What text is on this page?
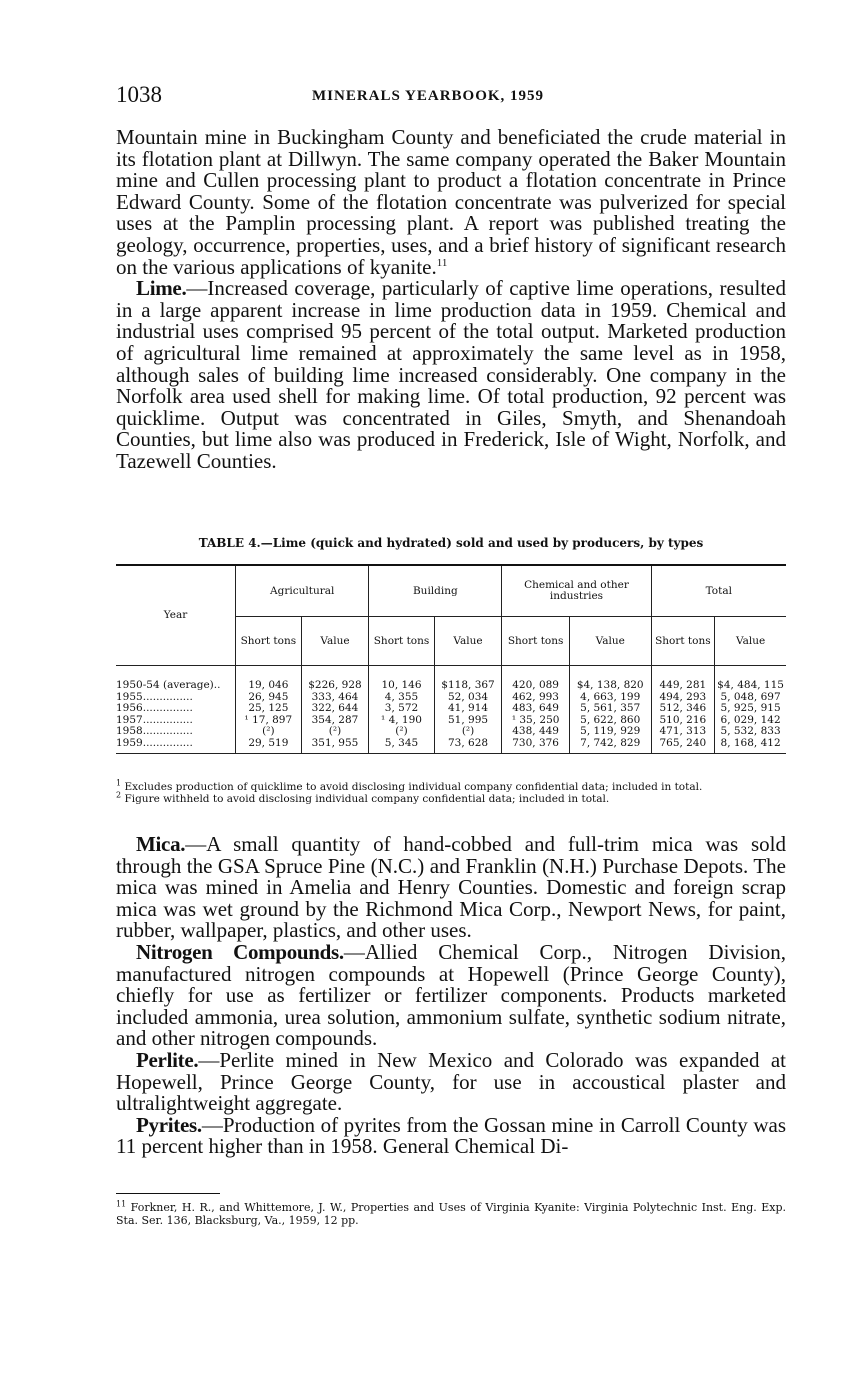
1038	MINERALS YEARBOOK, 1959

Mountain mine in Buckingham County and beneficiated the crude material in its flotation plant at Dillwyn. The same company operated the Baker Mountain mine and Cullen processing plant to product a flotation concentrate in Prince Edward County. Some of the flotation concentrate was pulverized for special uses at the Pamplin processing plant. A report was published treating the geology, occurrence, properties, uses, and a brief history of significant research on the various applications of kyanite.$^{11}$

Lime.—Increased coverage, particularly of captive lime operations, resulted in a large apparent increase in lime production data in 1959. Chemical and industrial uses comprised 95 percent of the total output. Marketed production of agricultural lime remained at approximately the same level as in 1958, although sales of building lime increased considerably. One company in the Norfolk area used shell for making lime. Of total production, 92 percent was quicklime. Output was concentrated in Giles, Smyth, and Shenandoah Counties, but lime also was produced in Frederick, Isle of Wight, Norfolk, and Tazewell Counties.

TABLE 4.—Lime (quick and hydrated) sold and used by producers, by types
Year	Agricultural		Building		Chemical and other industries		Total	
	Short tons	Value	Short tons	Value	Short tons	Value	Short tons	Value
1950-54 (average)..	19, 046	$226, 928	10, 146	$118, 367	420, 089	$4, 138, 820	449, 281	$4, 484, 115
1955...............	26, 945	333, 464	4, 355	52, 034	462, 993	4, 663, 199	494, 293	5, 048, 697
1956...............	25, 125	322, 644	3, 572	41, 914	483, 649	5, 561, 357	512, 346	5, 925, 915
1957...............	¹ 17, 897	354, 287	¹ 4, 190	51, 995	¹ 35, 250	5, 622, 860	510, 216	6, 029, 142
1958...............	(²)	(²)	(²)	(²)	438, 449	5, 119, 929	471, 313	5, 532, 833
1959...............	29, 519	351, 955	5, 345	73, 628	730, 376	7, 742, 829	765, 240	8, 168, 412

$^1$ Excludes production of quicklime to avoid disclosing individual company confidential data; included in total.

$^2$ Figure withheld to avoid disclosing individual company confidential data; included in total.

Mica.—A small quantity of hand-cobbed and full-trim mica was sold through the GSA Spruce Pine (N.C.) and Franklin (N.H.) Purchase Depots. The mica was mined in Amelia and Henry Counties. Domestic and foreign scrap mica was wet ground by the Richmond Mica Corp., Newport News, for paint, rubber, wallpaper, plastics, and other uses.

Nitrogen Compounds.—Allied Chemical Corp., Nitrogen Division, manufactured nitrogen compounds at Hopewell (Prince George County), chiefly for use as fertilizer or fertilizer components. Products marketed included ammonia, urea solution, ammonium sulfate, synthetic sodium nitrate, and other nitrogen compounds.

Perlite.—Perlite mined in New Mexico and Colorado was expanded at Hopewell, Prince George County, for use in accoustical plaster and ultralightweight aggregate.

Pyrites.—Production of pyrites from the Gossan mine in Carroll County was 11 percent higher than in 1958. General Chemical Di-

$^{11}$ Forkner, H. R., and Whittemore, J. W., Properties and Uses of Virginia Kyanite: Virginia Polytechnic Inst. Eng. Exp. Sta. Ser. 136, Blacksburg, Va., 1959, 12 pp.
